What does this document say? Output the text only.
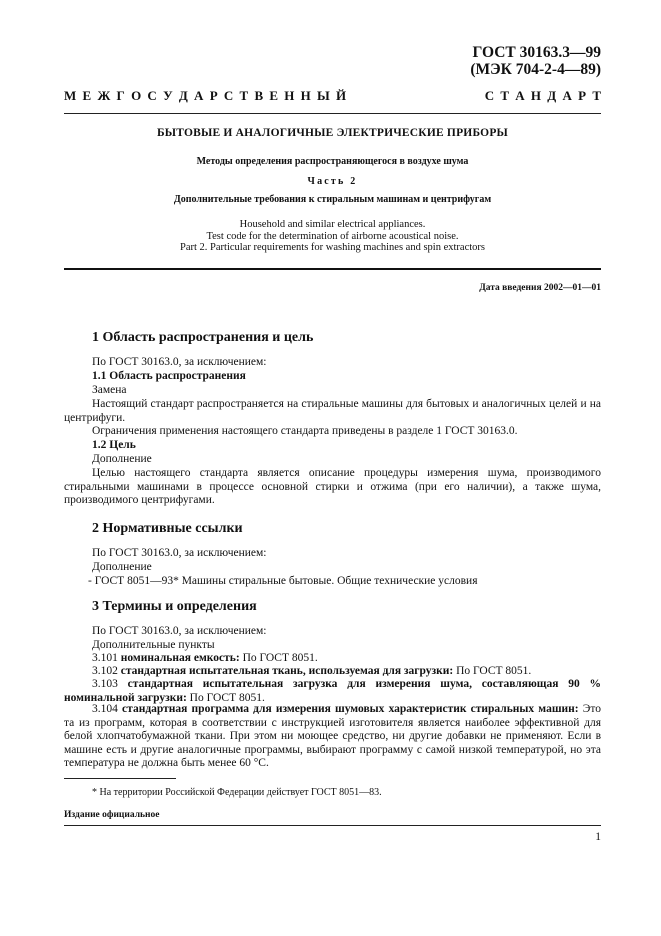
ГОСТ 30163.3—99
(МЭК 704-2-4—89)
М Е Ж Г О С У Д А Р С Т В Е Н Н Ы Й	С Т А Н Д А Р Т
БЫТОВЫЕ И АНАЛОГИЧНЫЕ ЭЛЕКТРИЧЕСКИЕ ПРИБОРЫ
Методы определения распространяющегося в воздухе шума
Часть 2
Дополнительные требования к стиральным машинам и центрифугам
Household and similar electrical appliances.
Test code for the determination of airborne acoustical noise.
Part 2. Particular requirements for washing machines and spin extractors
Дата введения 2002—01—01
1 Область распространения и цель
По ГОСТ 30163.0, за исключением:
1.1 Область распространения
Замена
Настоящий стандарт распространяется на стиральные машины для бытовых и аналогичных целей и на центрифуги.
Ограничения применения настоящего стандарта приведены в разделе 1 ГОСТ 30163.0.
1.2 Цель
Дополнение
Целью настоящего стандарта является описание процедуры измерения шума, производимого стиральными машинами в процессе основной стирки и отжима (при его наличии), а также шума, производимого центрифугами.
2 Нормативные ссылки
По ГОСТ 30163.0, за исключением:
Дополнение
- ГОСТ 8051—93* Машины стиральные бытовые. Общие технические условия
3 Термины и определения
По ГОСТ 30163.0, за исключением:
Дополнительные пункты
3.101 номинальная емкость: По ГОСТ 8051.
3.102 стандартная испытательная ткань, используемая для загрузки: По ГОСТ 8051.
3.103 стандартная испытательная загрузка для измерения шума, составляющая 90 % номинальной загрузки: По ГОСТ 8051.
3.104 стандартная программа для измерения шумовых характеристик стиральных машин: Это та из программ, которая в соответствии с инструкцией изготовителя является наиболее эффективной для белой хлопчатобумажной ткани. При этом ни моющее средство, ни другие добавки не применяют. Если в машине есть и другие аналогичные программы, выбирают программу с самой низкой температурой, но эта температура не должна быть менее 60 °С.
* На территории Российской Федерации действует ГОСТ 8051—83.
Издание официальное
1
